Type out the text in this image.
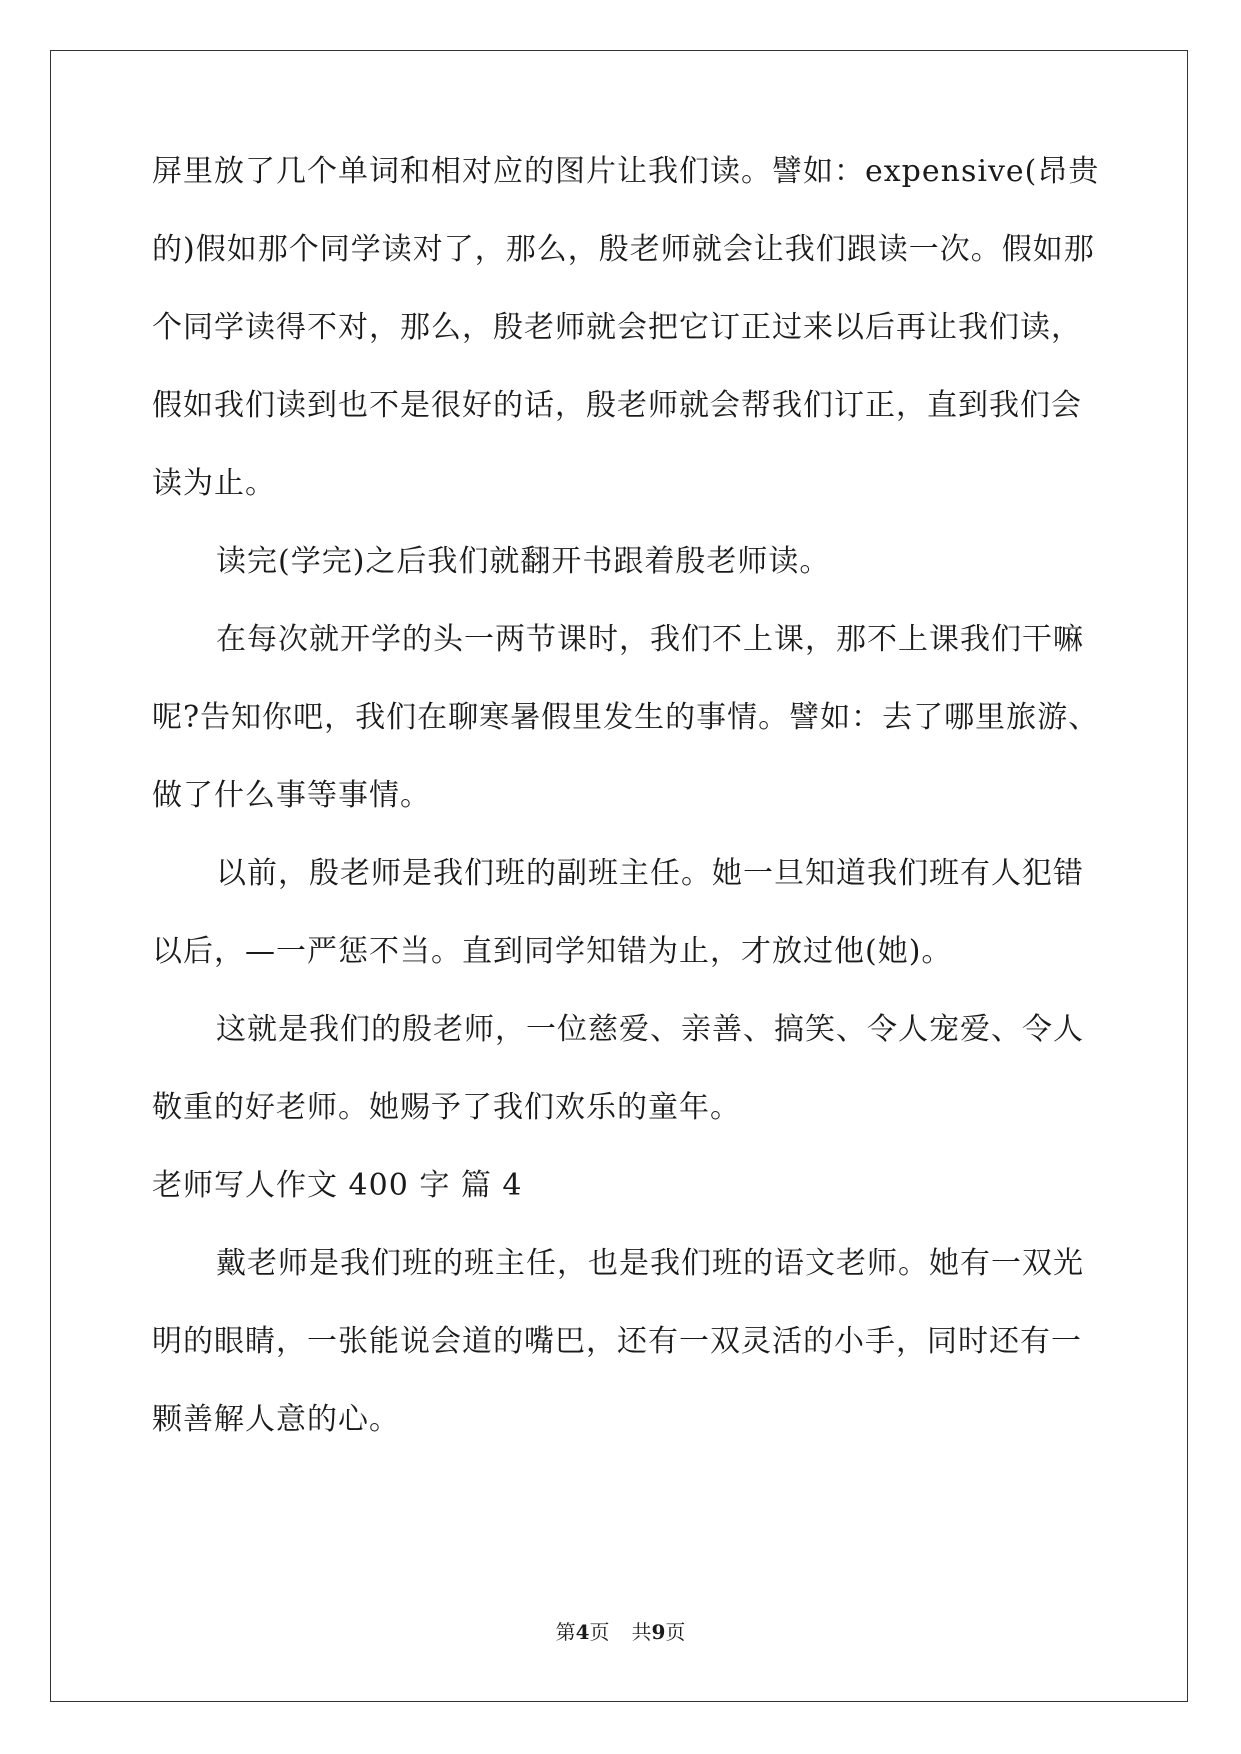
屏里放了几个单词和相对应的图片让我们读。譬如：expensive(昂贵
的)假如那个同学读对了，那么，殷老师就会让我们跟读一次。假如那
个同学读得不对，那么，殷老师就会把它订正过来以后再让我们读，
假如我们读到也不是很好的话，殷老师就会帮我们订正，直到我们会
读为止。
读完(学完)之后我们就翻开书跟着殷老师读。
在每次就开学的头一两节课时，我们不上课，那不上课我们干嘛
呢?告知你吧，我们在聊寒暑假里发生的事情。譬如：去了哪里旅游、
做了什么事等事情。
以前，殷老师是我们班的副班主任。她一旦知道我们班有人犯错
以后，—一严惩不当。直到同学知错为止，才放过他(她)。
这就是我们的殷老师，一位慈爱、亲善、搞笑、令人宠爱、令人
敬重的好老师。她赐予了我们欢乐的童年。
老师写人作文 400 字 篇 4
戴老师是我们班的班主任，也是我们班的语文老师。她有一双光
明的眼睛，一张能说会道的嘴巴，还有一双灵活的小手，同时还有一
颗善解人意的心。
第4页 共9页
